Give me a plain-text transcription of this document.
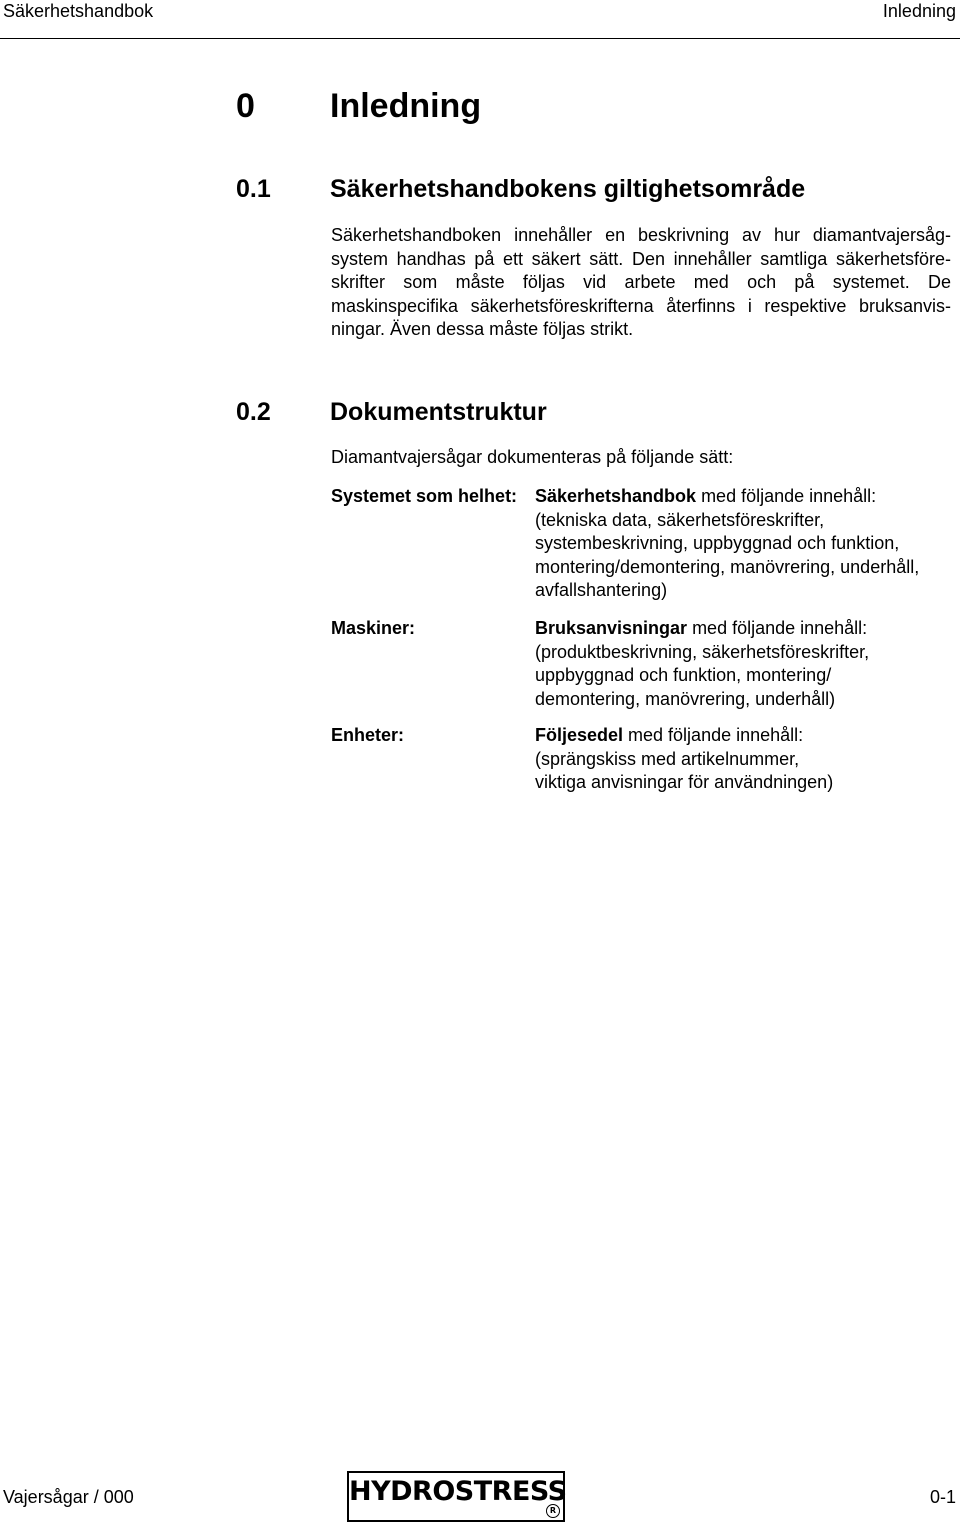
Säkerhetshandbok	Inledning
0 Inledning
0.1 Säkerhetshandbokens giltighetsområde
Säkerhetshandboken innehåller en beskrivning av hur diamantvajersåg-
system handhas på ett säkert sätt. Den innehåller samtliga säkerhetsföre-
skrifter som måste följas vid arbete med och på systemet. De
maskinspecifika säkerhetsföreskrifterna återfinns i respektive bruksanvis-
ningar. Även dessa måste följas strikt.
0.2 Dokumentstruktur
Diamantvajersågar dokumenteras på följande sätt:
Systemet som helhet: Säkerhetshandbok med följande innehåll:
(tekniska data, säkerhetsföreskrifter,
systembeskrivning, uppbyggnad och funktion,
montering/demontering, manövrering, underhåll,
avfallshantering)
Maskiner:	Bruksanvisningar med följande innehåll:
(produktbeskrivning, säkerhetsföreskrifter,
uppbyggnad och funktion, montering/
demontering, manövrering, underhåll)
Enheter:	Följesedel med följande innehåll:
(sprängskiss med artikelnummer,
viktiga anvisningar för användningen)
Vajersågar / 000	HYDROSTRESS
R
0-1
